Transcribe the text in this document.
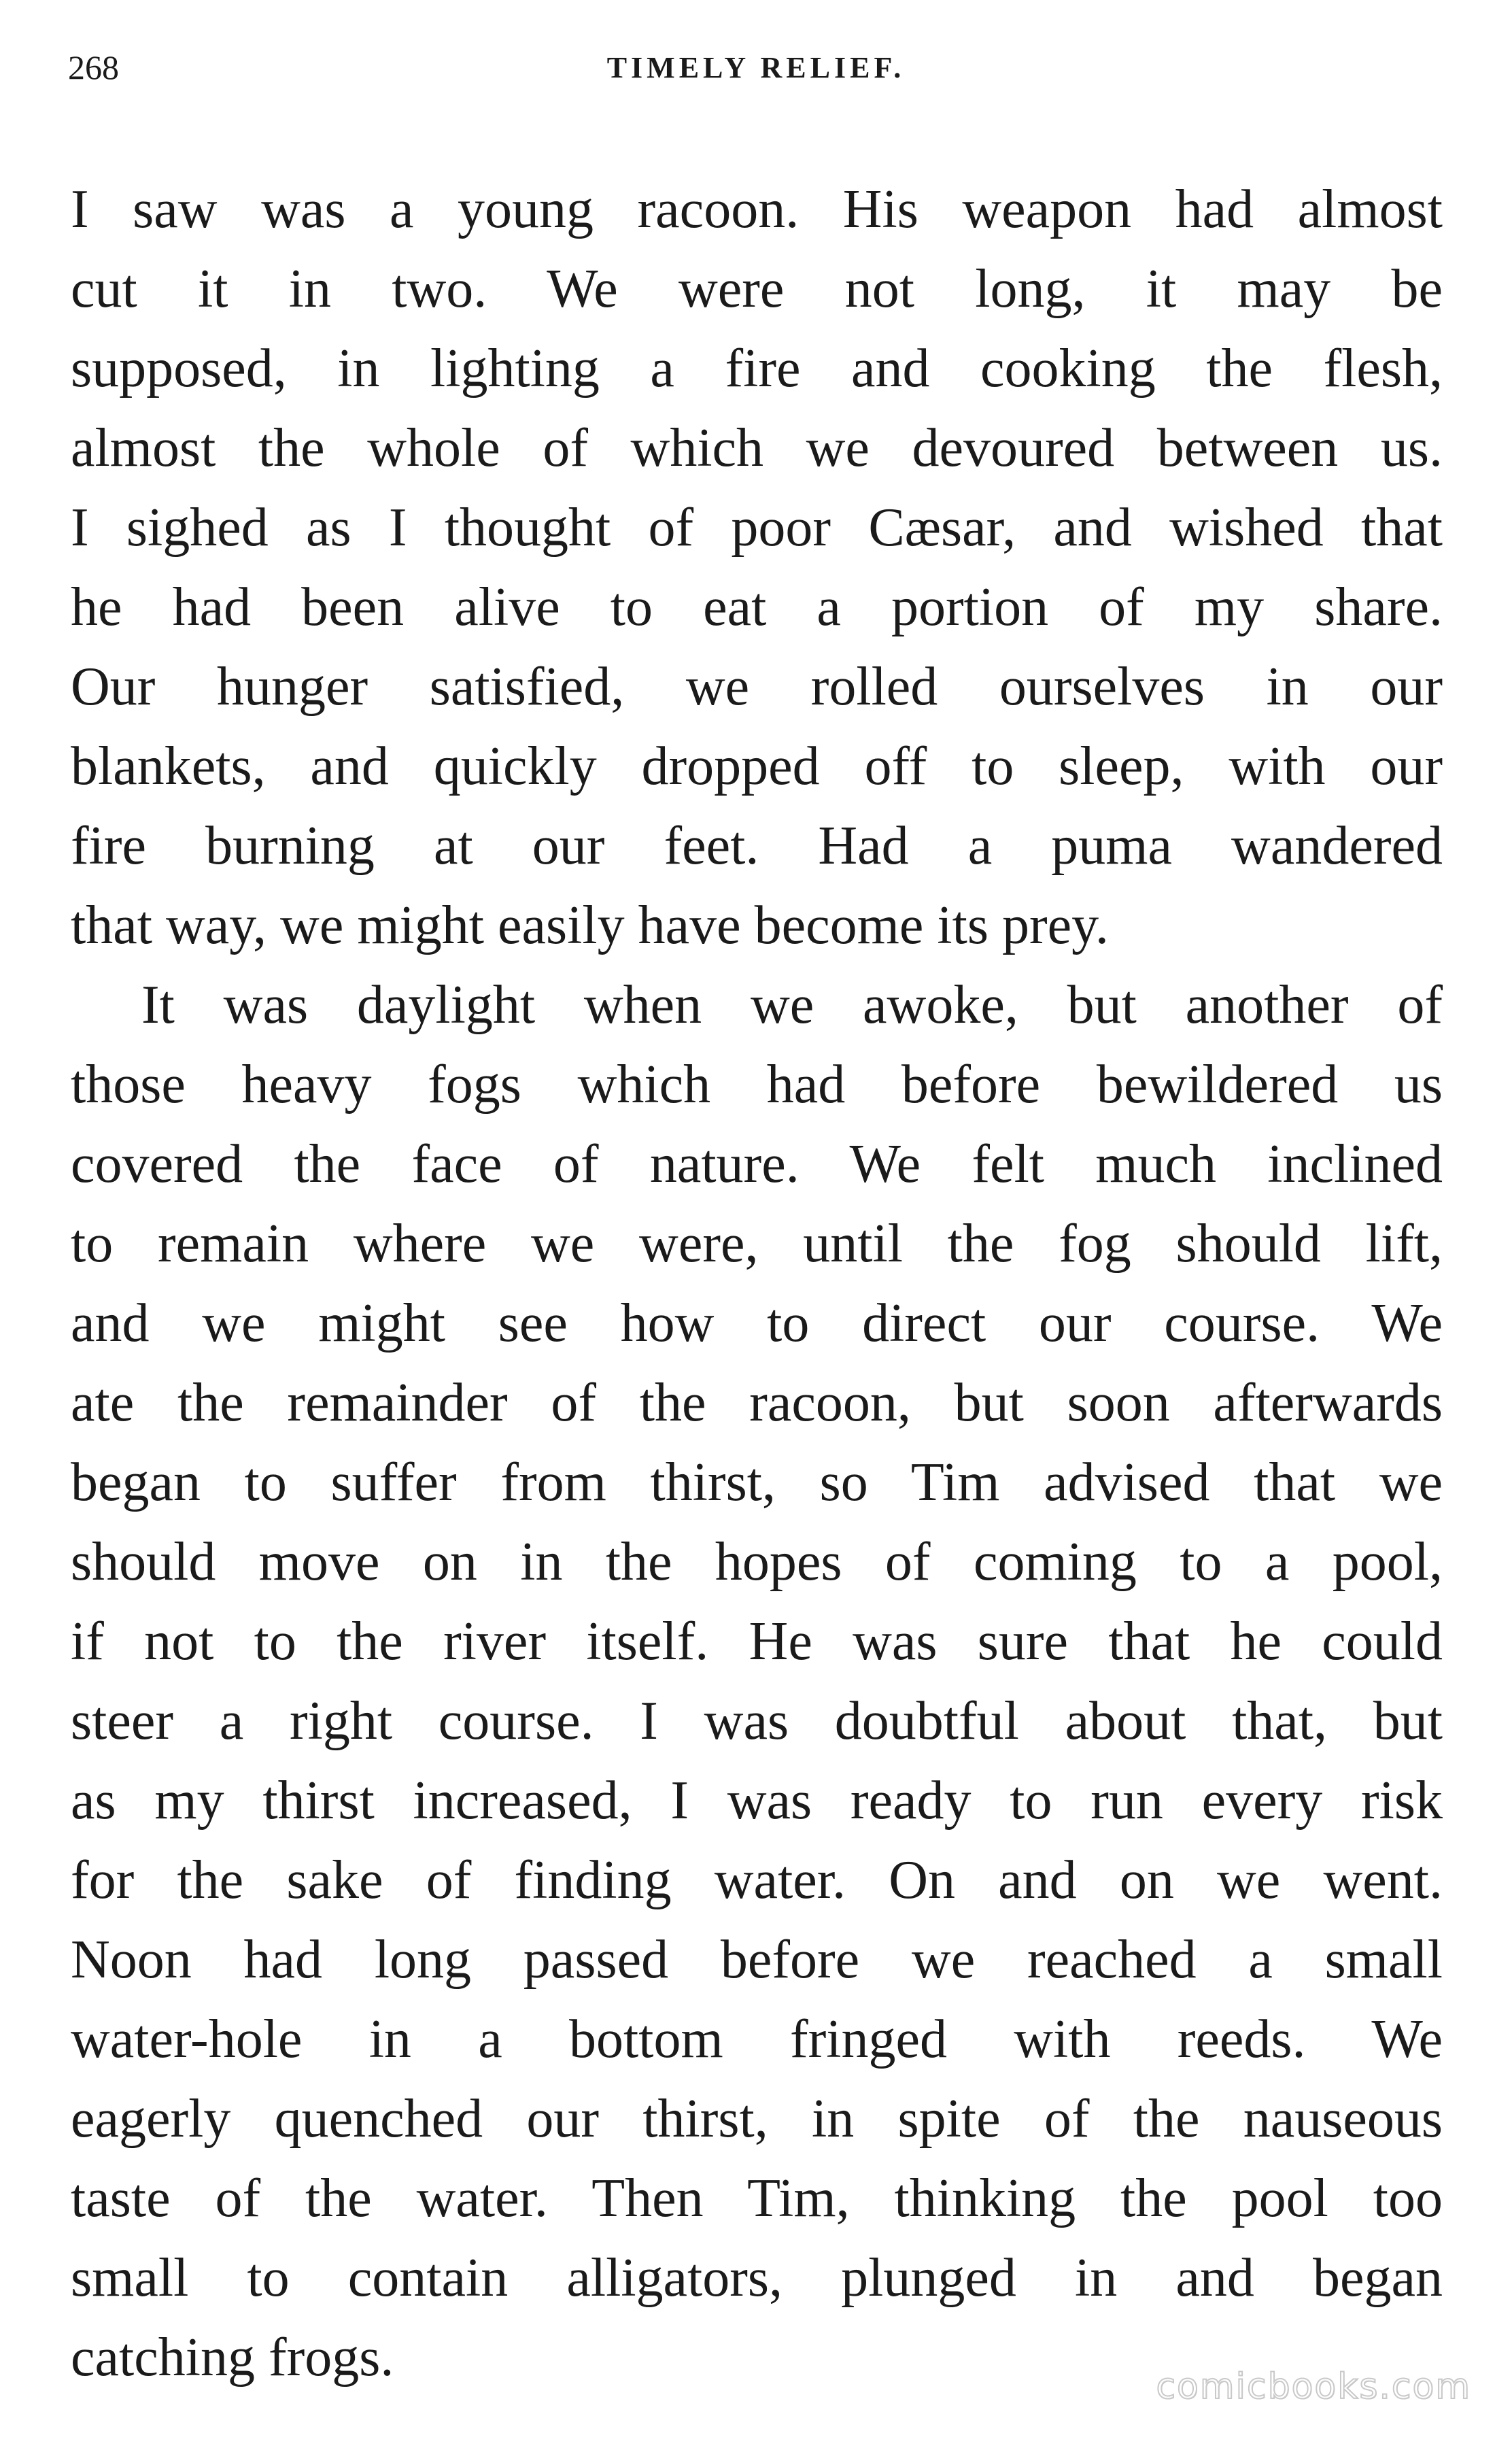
268	TIMELY RELIEF.

I saw was a young racoon. His weapon had almost
cut it in two. We were not long, it may be
supposed, in lighting a fire and cooking the flesh,
almost the whole of which we devoured between us.
I sighed as I thought of poor Cæsar, and wished that
he had been alive to eat a portion of my share.
Our hunger satisfied, we rolled ourselves in our
blankets, and quickly dropped off to sleep, with our
fire burning at our feet. Had a puma wandered
that way, we might easily have become its prey.

It was daylight when we awoke, but another of
those heavy fogs which had before bewildered us
covered the face of nature. We felt much inclined
to remain where we were, until the fog should lift,
and we might see how to direct our course. We
ate the remainder of the racoon, but soon afterwards
began to suffer from thirst, so Tim advised that we
should move on in the hopes of coming to a pool,
if not to the river itself. He was sure that he could
steer a right course. I was doubtful about that, but
as my thirst increased, I was ready to run every risk
for the sake of finding water. On and on we went.
Noon had long passed before we reached a small
water-hole in a bottom fringed with reeds. We
eagerly quenched our thirst, in spite of the nauseous
taste of the water. Then Tim, thinking the pool too
small to contain alligators, plunged in and began
catching frogs.	comicbooks.com
